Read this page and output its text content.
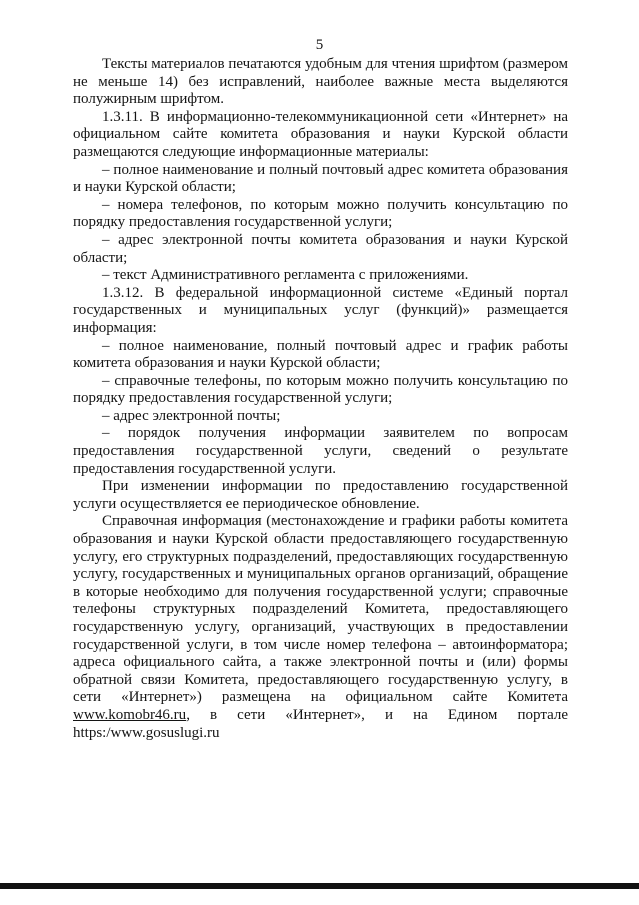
5

Тексты материалов печатаются удобным для чтения шрифтом (размером не меньше 14) без исправлений, наиболее важные места выделяются полужирным шрифтом.

1.3.11. В информационно-телекоммуникационной сети «Интернет» на официальном сайте комитета образования и науки Курской области размещаются следующие информационные материалы:

– полное наименование и полный почтовый адрес комитета образования и науки Курской области;

– номера телефонов, по которым можно получить консультацию по порядку предоставления государственной услуги;

– адрес электронной почты комитета образования и науки Курской области;

– текст Административного регламента с приложениями.

1.3.12. В федеральной информационной системе «Единый портал государственных и муниципальных услуг (функций)» размещается информация:

– полное наименование, полный почтовый адрес и график работы комитета образования и науки Курской области;

– справочные телефоны, по которым можно получить консультацию по порядку предоставления государственной услуги;

– адрес электронной почты;

– порядок получения информации заявителем по вопросам предоставления государственной услуги, сведений о результате предоставления государственной услуги.

При изменении информации по предоставлению государственной услуги осуществляется ее периодическое обновление.

Справочная информация (местонахождение и графики работы комитета образования и науки Курской области предоставляющего государственную услугу, его структурных подразделений, предоставляющих государственную услугу, государственных и муниципальных органов организаций, обращение в которые необходимо для получения государственной услуги; справочные телефоны структурных подразделений Комитета, предоставляющего государственную услугу, организаций, участвующих в предоставлении государственной услуги, в том числе номер телефона – автоинформатора; адреса официального сайта, а также электронной почты и (или) формы обратной связи Комитета, предоставляющего государственную услугу, в сети «Интернет») размещена на официальном сайте Комитета www.komobr46.ru, в сети «Интернет», и на Едином портале https:/www.gosuslugi.ru
